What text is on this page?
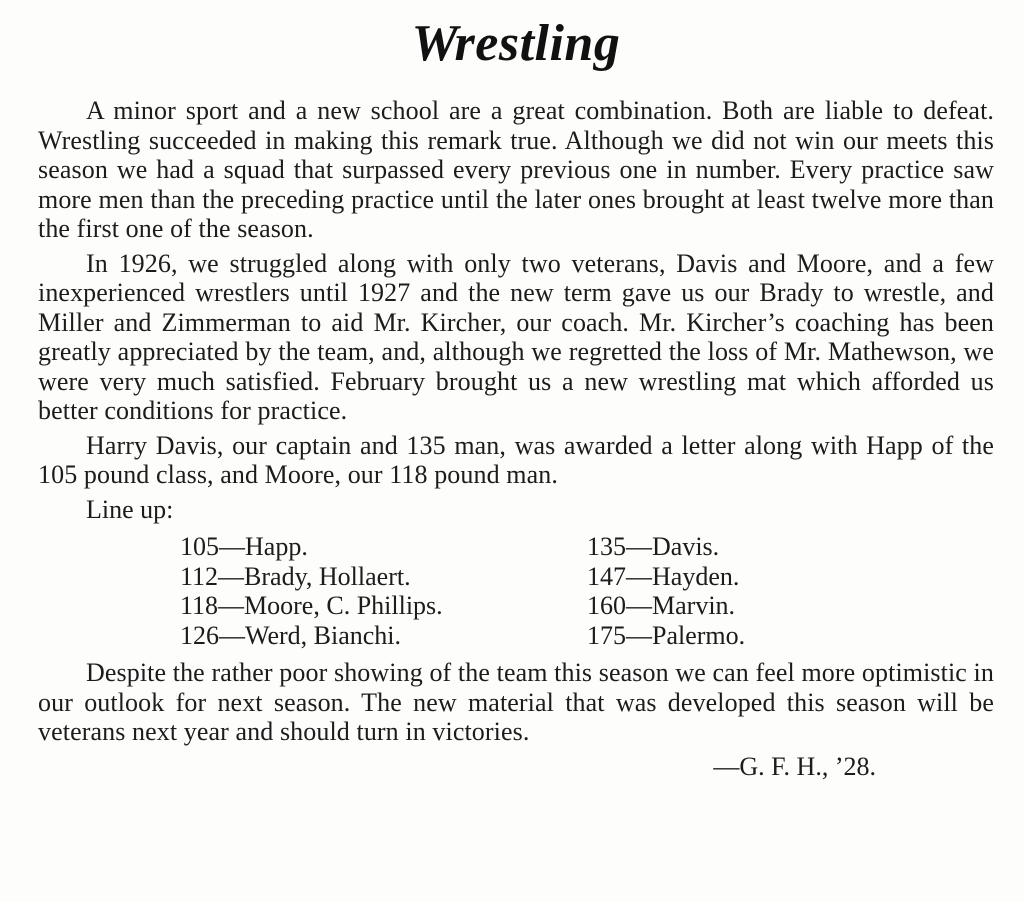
Wrestling

A minor sport and a new school are a great combination. Both are liable to defeat. Wrestling succeeded in making this remark true. Although we did not win our meets this season we had a squad that surpassed every previous one in number. Every practice saw more men than the preceding practice until the later ones brought at least twelve more than the first one of the season.

In 1926, we struggled along with only two veterans, Davis and Moore, and a few inexperienced wrestlers until 1927 and the new term gave us our Brady to wrestle, and Miller and Zimmerman to aid Mr. Kircher, our coach. Mr. Kircher’s coaching has been greatly appreciated by the team, and, although we regretted the loss of Mr. Mathewson, we were very much satisfied. February brought us a new wrestling mat which afforded us better conditions for practice.

Harry Davis, our captain and 135 man, was awarded a letter along with Happ of the 105 pound class, and Moore, our 118 pound man.

Line up:
105—Happ.
112—Brady, Hollaert.
118—Moore, C. Phillips.
126—Werd, Bianchi.
135—Davis.
147—Hayden.
160—Marvin.
175—Palermo.

Despite the rather poor showing of the team this season we can feel more optimistic in our outlook for next season. The new material that was developed this season will be veterans next year and should turn in victories.

—G. F. H., ’28.
